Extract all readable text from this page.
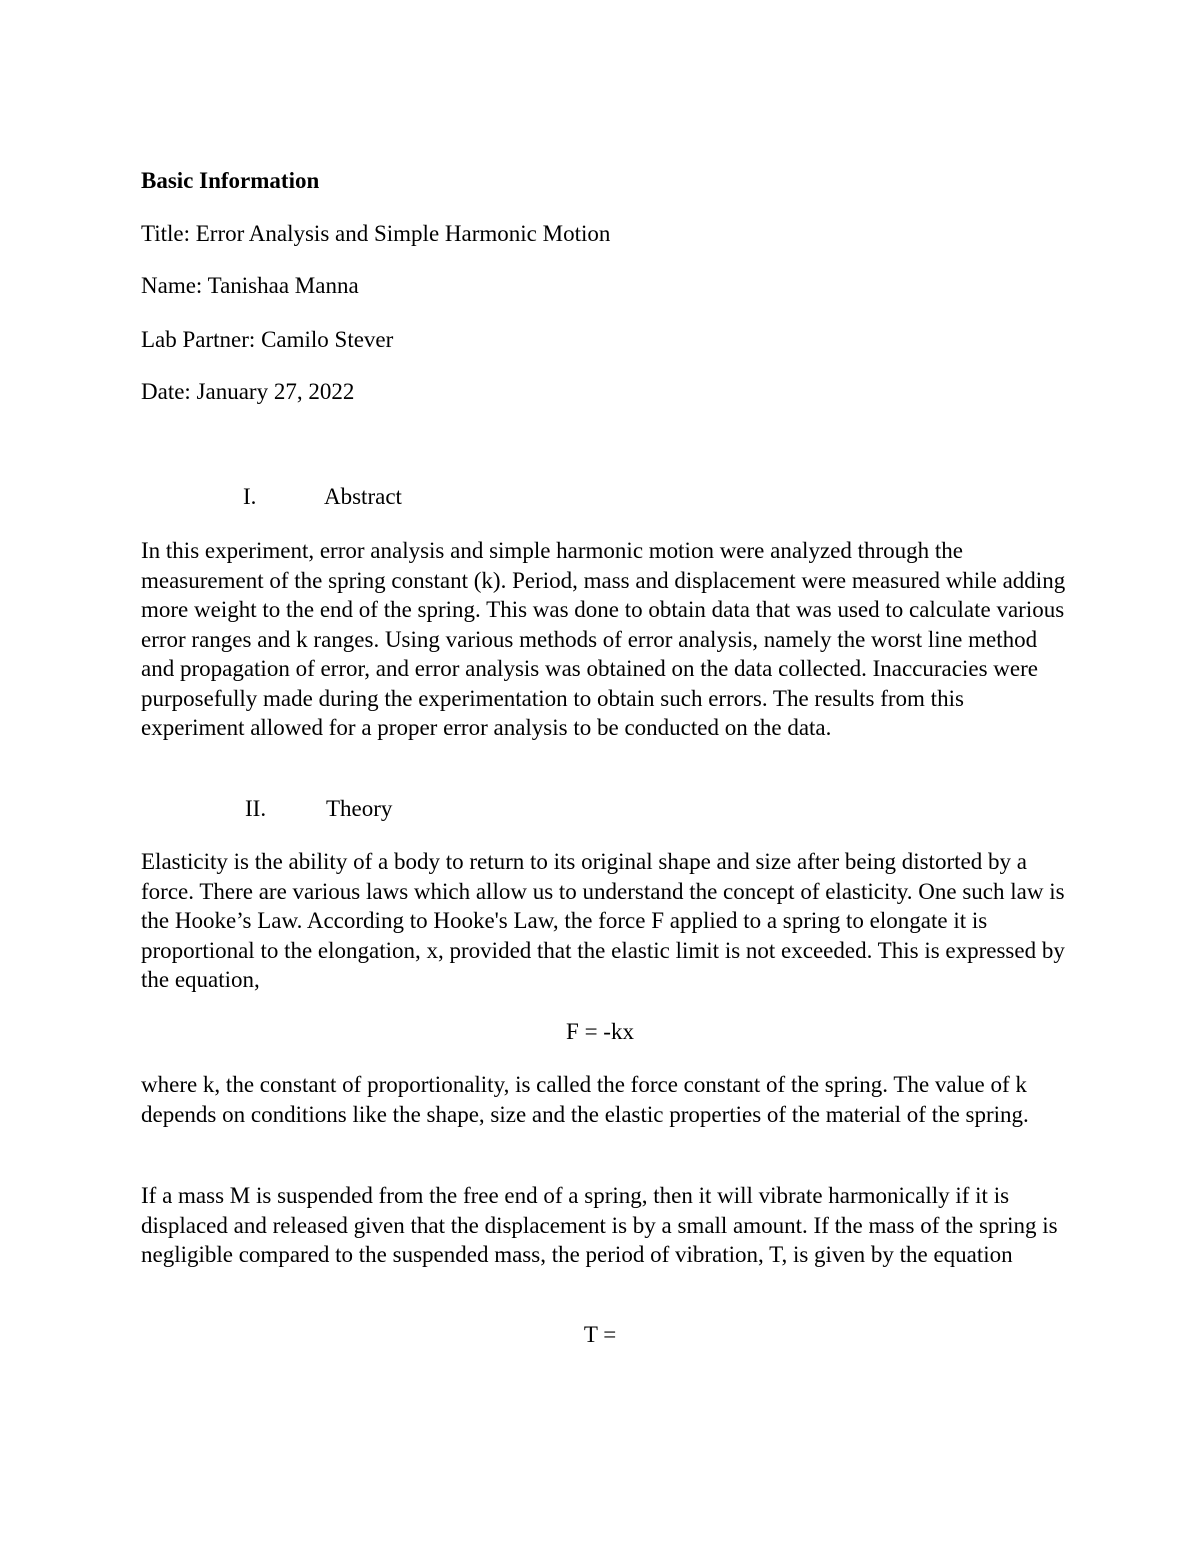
Basic Information
Title: Error Analysis and Simple Harmonic Motion
Name: Tanishaa Manna
Lab Partner: Camilo Stever
Date: January 27, 2022
I.	Abstract
In this experiment, error analysis and simple harmonic motion were analyzed through the measurement of the spring constant (k). Period, mass and displacement were measured while adding more weight to the end of the spring. This was done to obtain data that was used to calculate various error ranges and k ranges. Using various methods of error analysis, namely the worst line method and propagation of error, and error analysis was obtained on the data collected. Inaccuracies were purposefully made during the experimentation to obtain such errors. The results from this experiment allowed for a proper error analysis to be conducted on the data.
II.	Theory
Elasticity is the ability of a body to return to its original shape and size after being distorted by a force. There are various laws which allow us to understand the concept of elasticity. One such law is the Hooke’s Law. According to Hooke's Law, the force F applied to a spring to elongate it is proportional to the elongation, x, provided that the elastic limit is not exceeded. This is expressed by the equation,
F = -kx
where k, the constant of proportionality, is called the force constant of the spring. The value of k depends on conditions like the shape, size and the elastic properties of the material of the spring.
If a mass M is suspended from the free end of a spring, then it will vibrate harmonically if it is displaced and released given that the displacement is by a small amount. If the mass of the spring is negligible compared to the suspended mass, the period of vibration, T, is given by the equation
T =
